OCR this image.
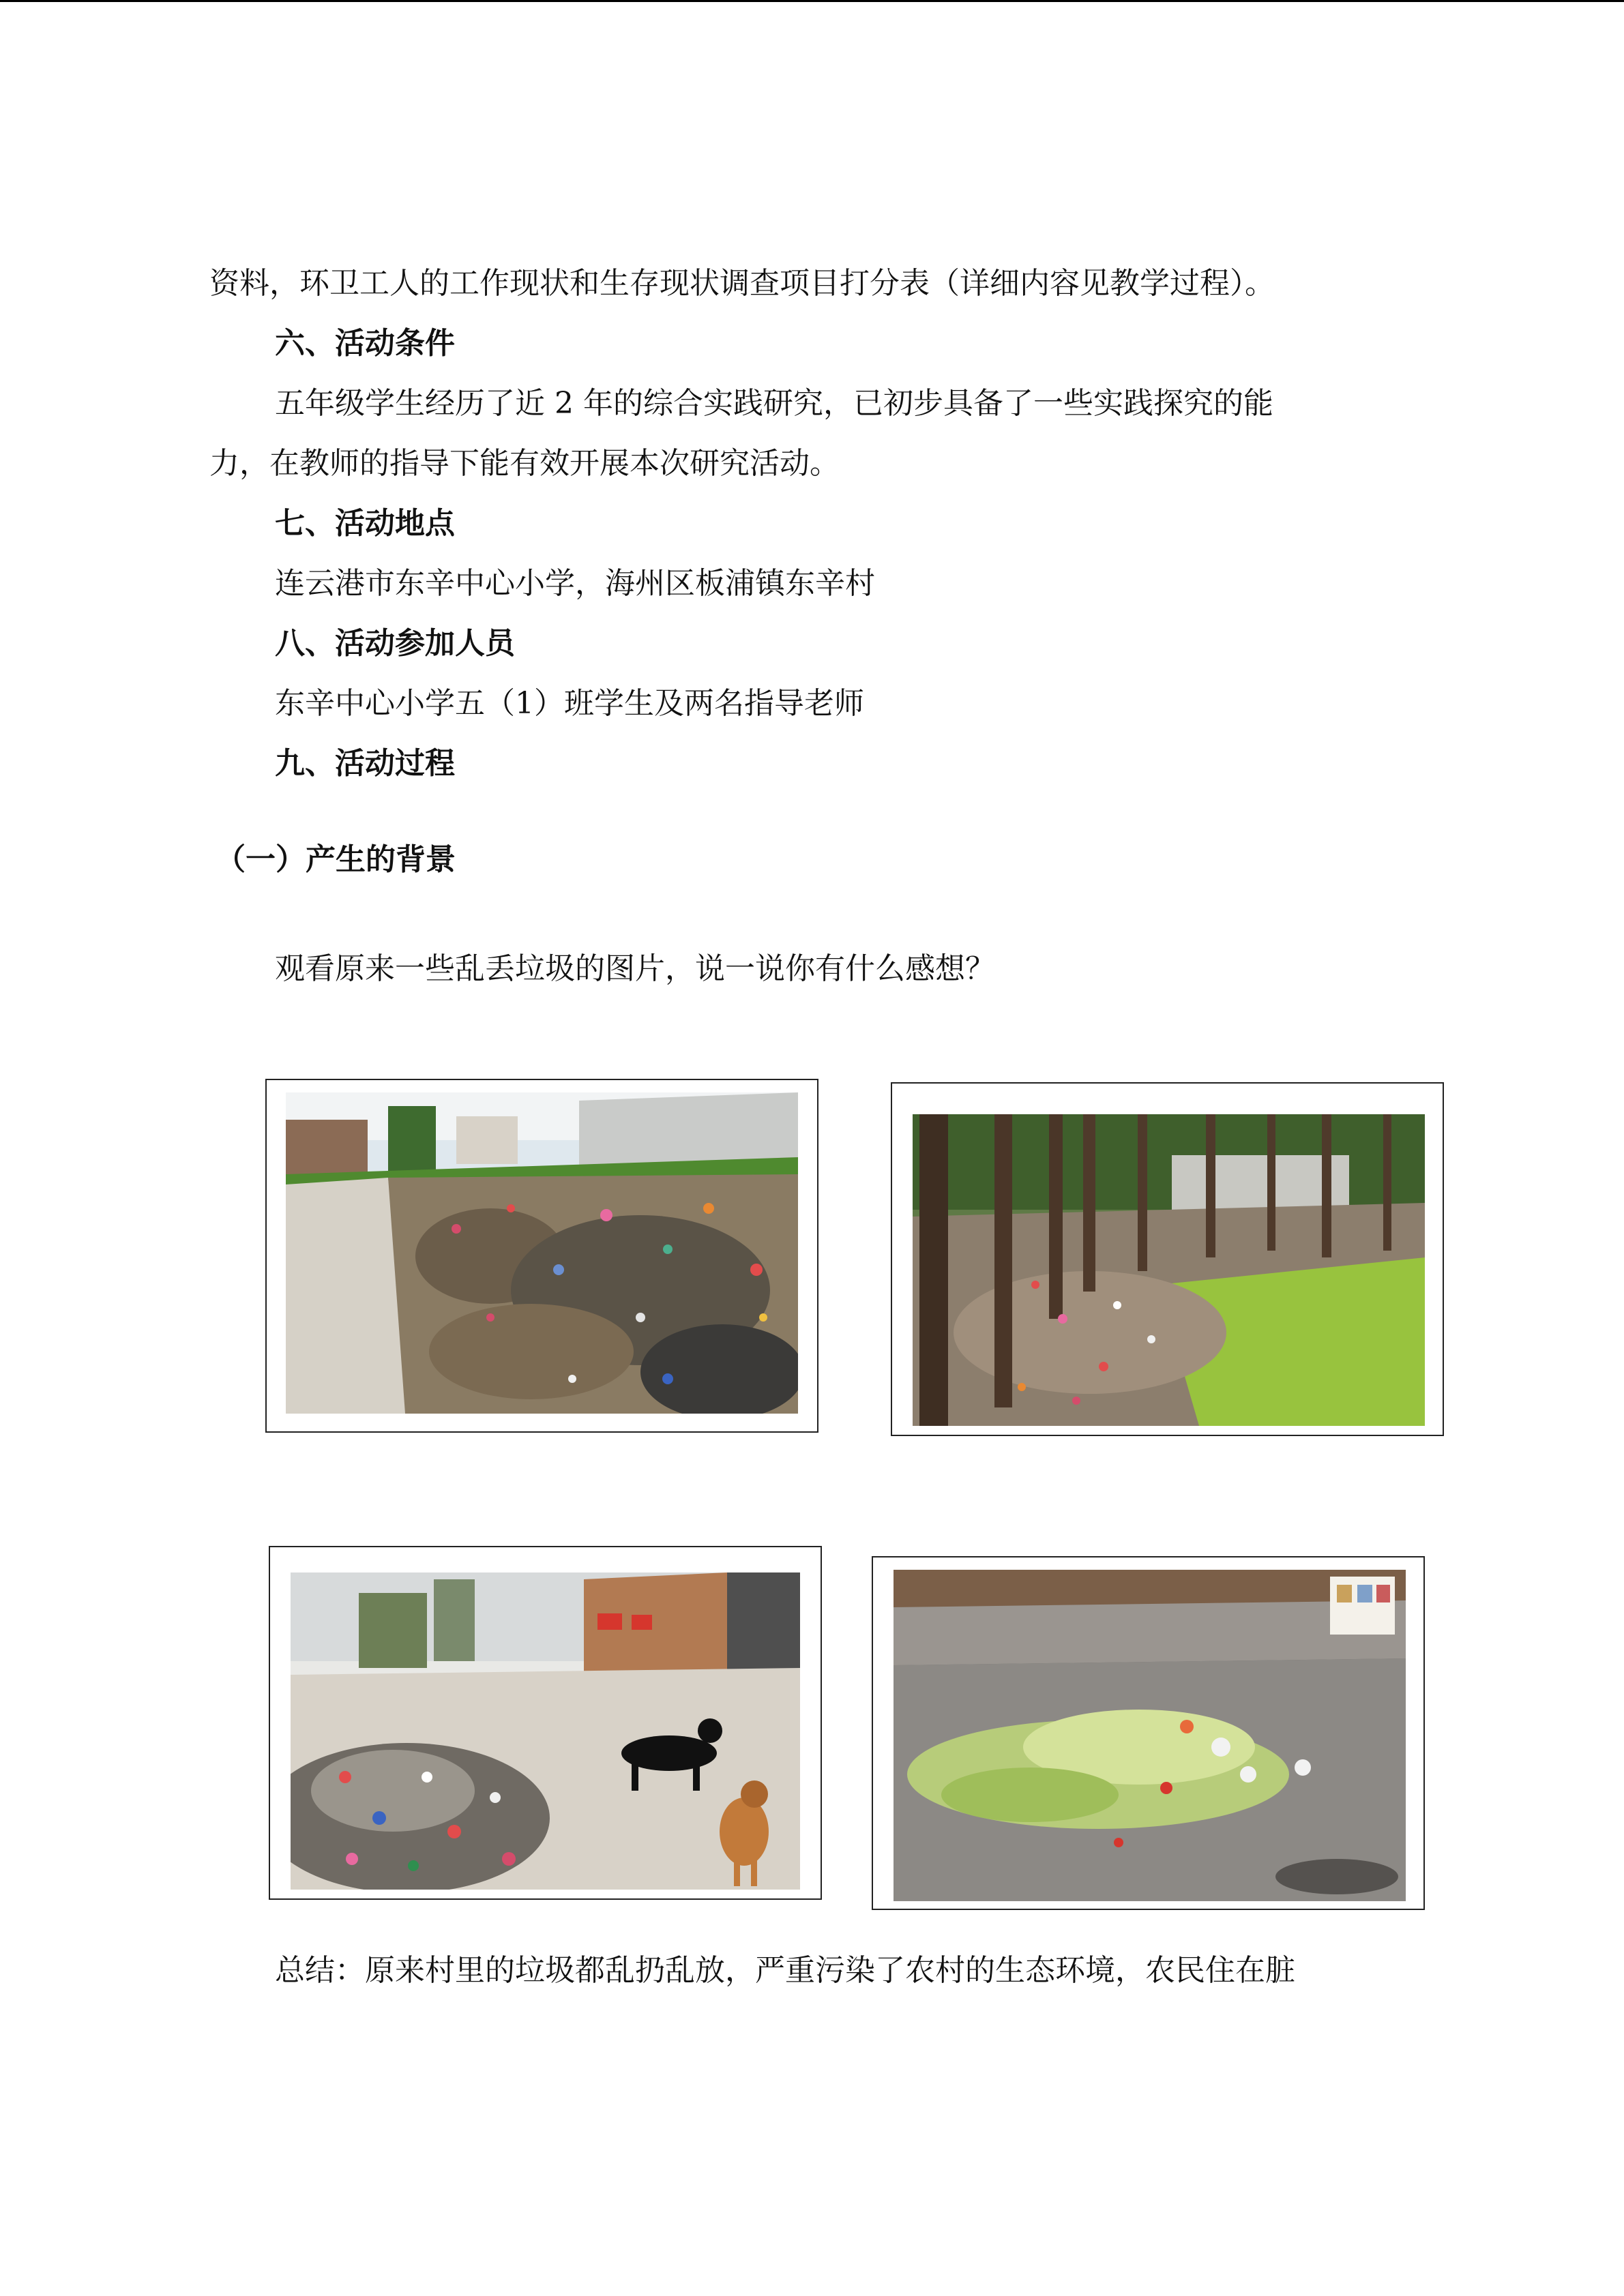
资料，环卫工人的工作现状和生存现状调查项目打分表（详细内容见教学过程）。
六、活动条件
五年级学生经历了近 2 年的综合实践研究，已初步具备了一些实践探究的能
力，在教师的指导下能有效开展本次研究活动。
七、活动地点
连云港市东辛中心小学，海州区板浦镇东辛村
八、活动参加人员
东辛中心小学五（1）班学生及两名指导老师
九、活动过程
（一）产生的背景
观看原来一些乱丢垃圾的图片，说一说你有什么感想？
总结：原来村里的垃圾都乱扔乱放，严重污染了农村的生态环境，农民住在脏
